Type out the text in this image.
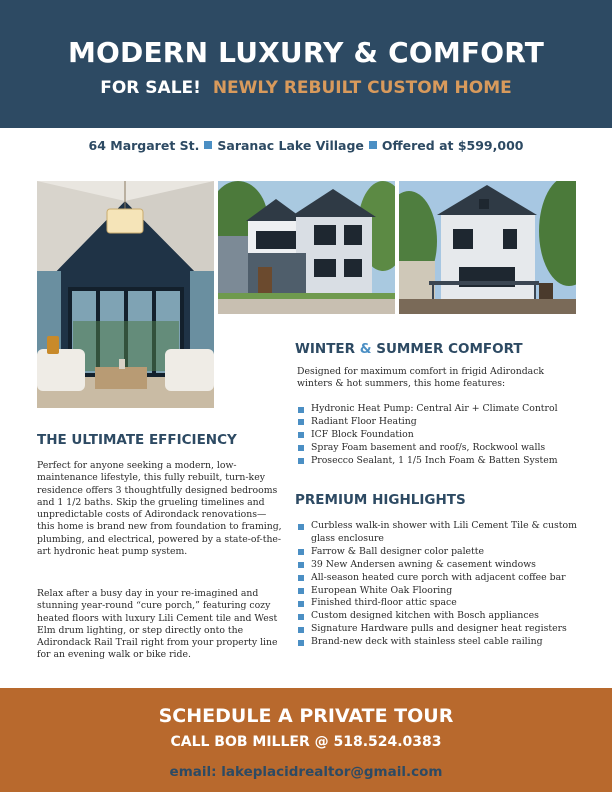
MODERN LUXURY & COMFORT
FOR SALE! NEWLY REBUILT CUSTOM HOME
64 Margaret St. Saranac Lake Village Offered at $599,000
WINTER & SUMMER COMFORT

Designed for maximum comfort in frigid Adirondack winters & hot summers, this home features:

Hydronic Heat Pump: Central Air + Climate Control
Radiant Floor Heating
ICF Block Foundation
Spray Foam basement and roof/s, Rockwool walls
Prosecco Sealant, 1 1/5 Inch Foam & Batten System
THE ULTIMATE EFFICIENCY

Perfect for anyone seeking a modern, low-maintenance lifestyle, this fully rebuilt, turn-key residence offers 3 thoughtfully designed bedrooms and 1 1/2 baths. Skip the grueling timelines and unpredictable costs of Adirondack renovations—this home is brand new from foundation to framing, plumbing, and electrical, powered by a state-of-the-art hydronic heat pump system.

Relax after a busy day in your re-imagined and stunning year-round “cure porch,” featuring cozy heated floors with luxury Lili Cement tile and West Elm drum lighting, or step directly onto the Adirondack Rail Trail right from your property line for an evening walk or bike ride.

PREMIUM HIGHLIGHTS
Curbless walk-in shower with Lili Cement Tile & custom glass enclosure
Farrow & Ball designer color palette
39 New Andersen awning & casement windows
All-season heated cure porch with adjacent coffee bar
European White Oak Flooring
Finished third-floor attic space
Custom designed kitchen with Bosch appliances
Signature Hardware pulls and designer heat registers
Brand-new deck with stainless steel cable railing
SCHEDULE A PRIVATE TOUR
CALL BOB MILLER @ 518.524.0383
email: lakeplacidrealtor@gmail.com
